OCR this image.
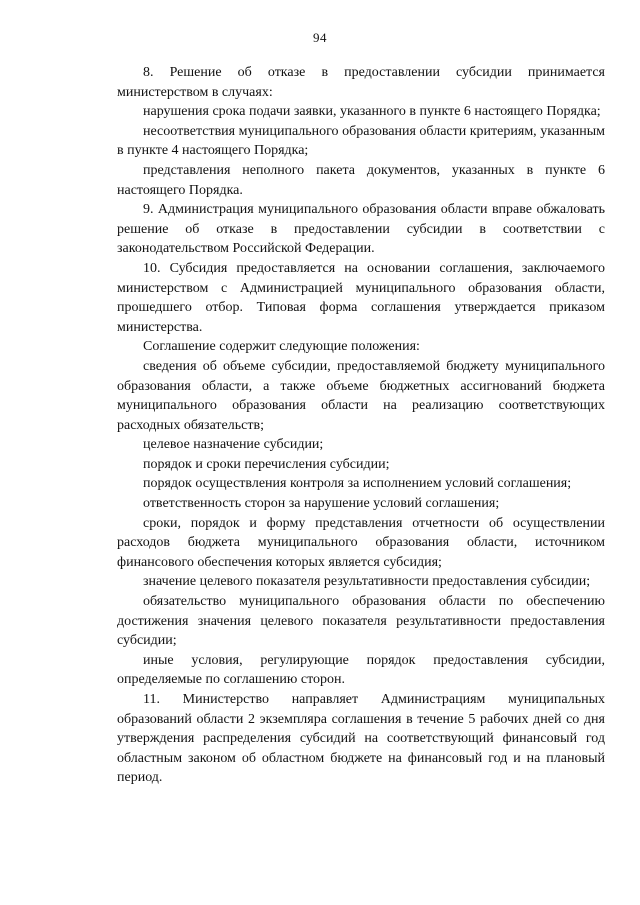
94

8. Решение об отказе в предоставлении субсидии принимается министерством в случаях:

нарушения срока подачи заявки, указанного в пункте 6 настоящего Порядка;

несоответствия муниципального образования области критериям, указанным в пункте 4 настоящего Порядка;

представления неполного пакета документов, указанных в пункте 6 настоящего Порядка.

9. Администрация муниципального образования области вправе обжаловать решение об отказе в предоставлении субсидии в соответствии с законодательством Российской Федерации.

10. Субсидия предоставляется на основании соглашения, заключаемого министерством с Администрацией муниципального образования области, прошедшего отбор. Типовая форма соглашения утверждается приказом министерства.

Соглашение содержит следующие положения:

сведения об объеме субсидии, предоставляемой бюджету муниципального образования области, а также объеме бюджетных ассигнований бюджета муниципального образования области на реализацию соответствующих расходных обязательств;

целевое назначение субсидии;

порядок и сроки перечисления субсидии;

порядок осуществления контроля за исполнением условий соглашения;

ответственность сторон за нарушение условий соглашения;

сроки, порядок и форму представления отчетности об осуществлении расходов бюджета муниципального образования области, источником финансового обеспечения которых является субсидия;

значение целевого показателя результативности предоставления субсидии;

обязательство муниципального образования области по обеспечению достижения значения целевого показателя результативности предоставления субсидии;

иные условия, регулирующие порядок предоставления субсидии, определяемые по соглашению сторон.

11. Министерство направляет Администрациям муниципальных образований области 2 экземпляра соглашения в течение 5 рабочих дней со дня утверждения распределения субсидий на соответствующий финансовый год областным законом об областном бюджете на финансовый год и на плановый период.
